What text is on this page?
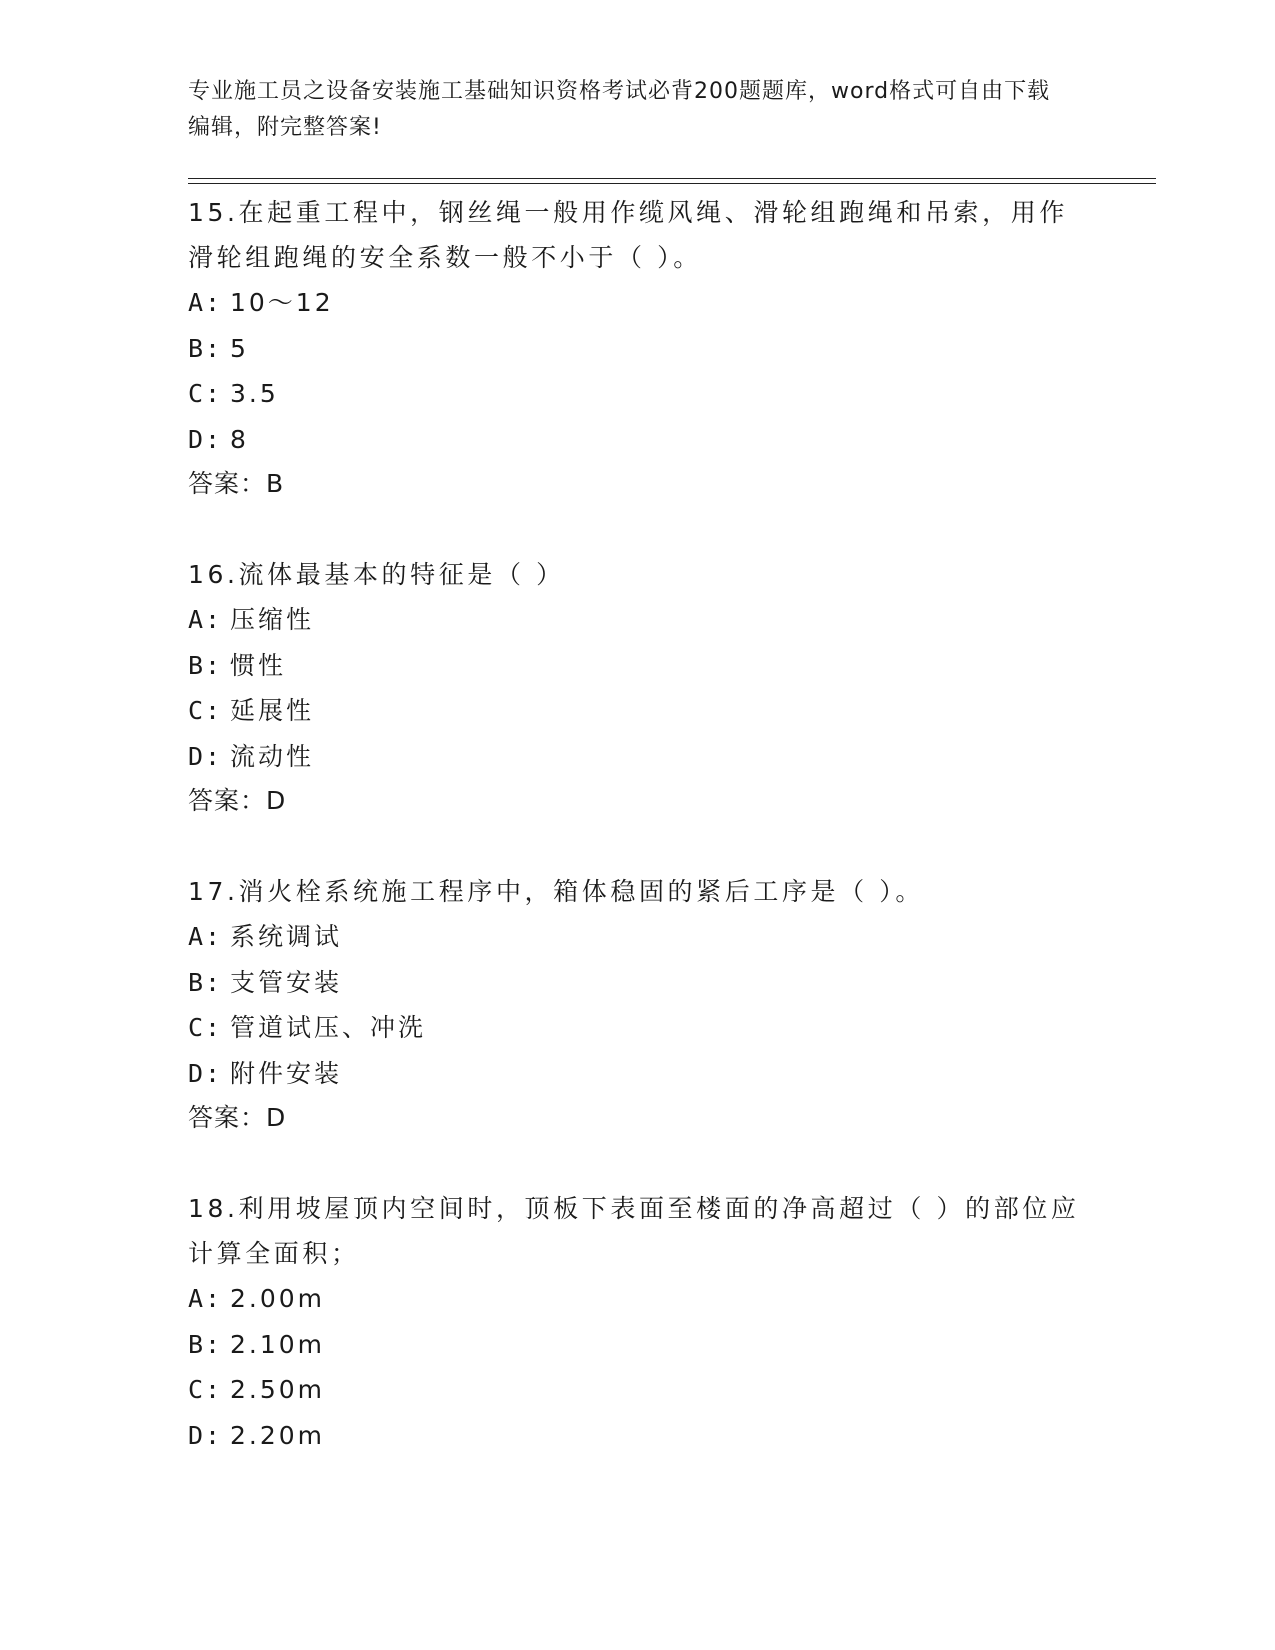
专业施工员之设备安装施工基础知识资格考试必背200题题库，word格式可自由下载编辑，附完整答案!

15.在起重工程中，钢丝绳一般用作缆风绳、滑轮组跑绳和吊索，用作滑轮组跑绳的安全系数一般不小于（ ）。

A: 10～12

B: 5

C: 3.5

D: 8

答案：B

16.流体最基本的特征是（ ）

A: 压缩性

B: 惯性

C: 延展性

D: 流动性

答案：D

17.消火栓系统施工程序中，箱体稳固的紧后工序是（ ）。

A: 系统调试

B: 支管安装

C: 管道试压、冲洗

D: 附件安装

答案：D

18.利用坡屋顶内空间时，顶板下表面至楼面的净高超过（ ）的部位应计算全面积；

A: 2.00m

B: 2.10m

C: 2.50m

D: 2.20m
